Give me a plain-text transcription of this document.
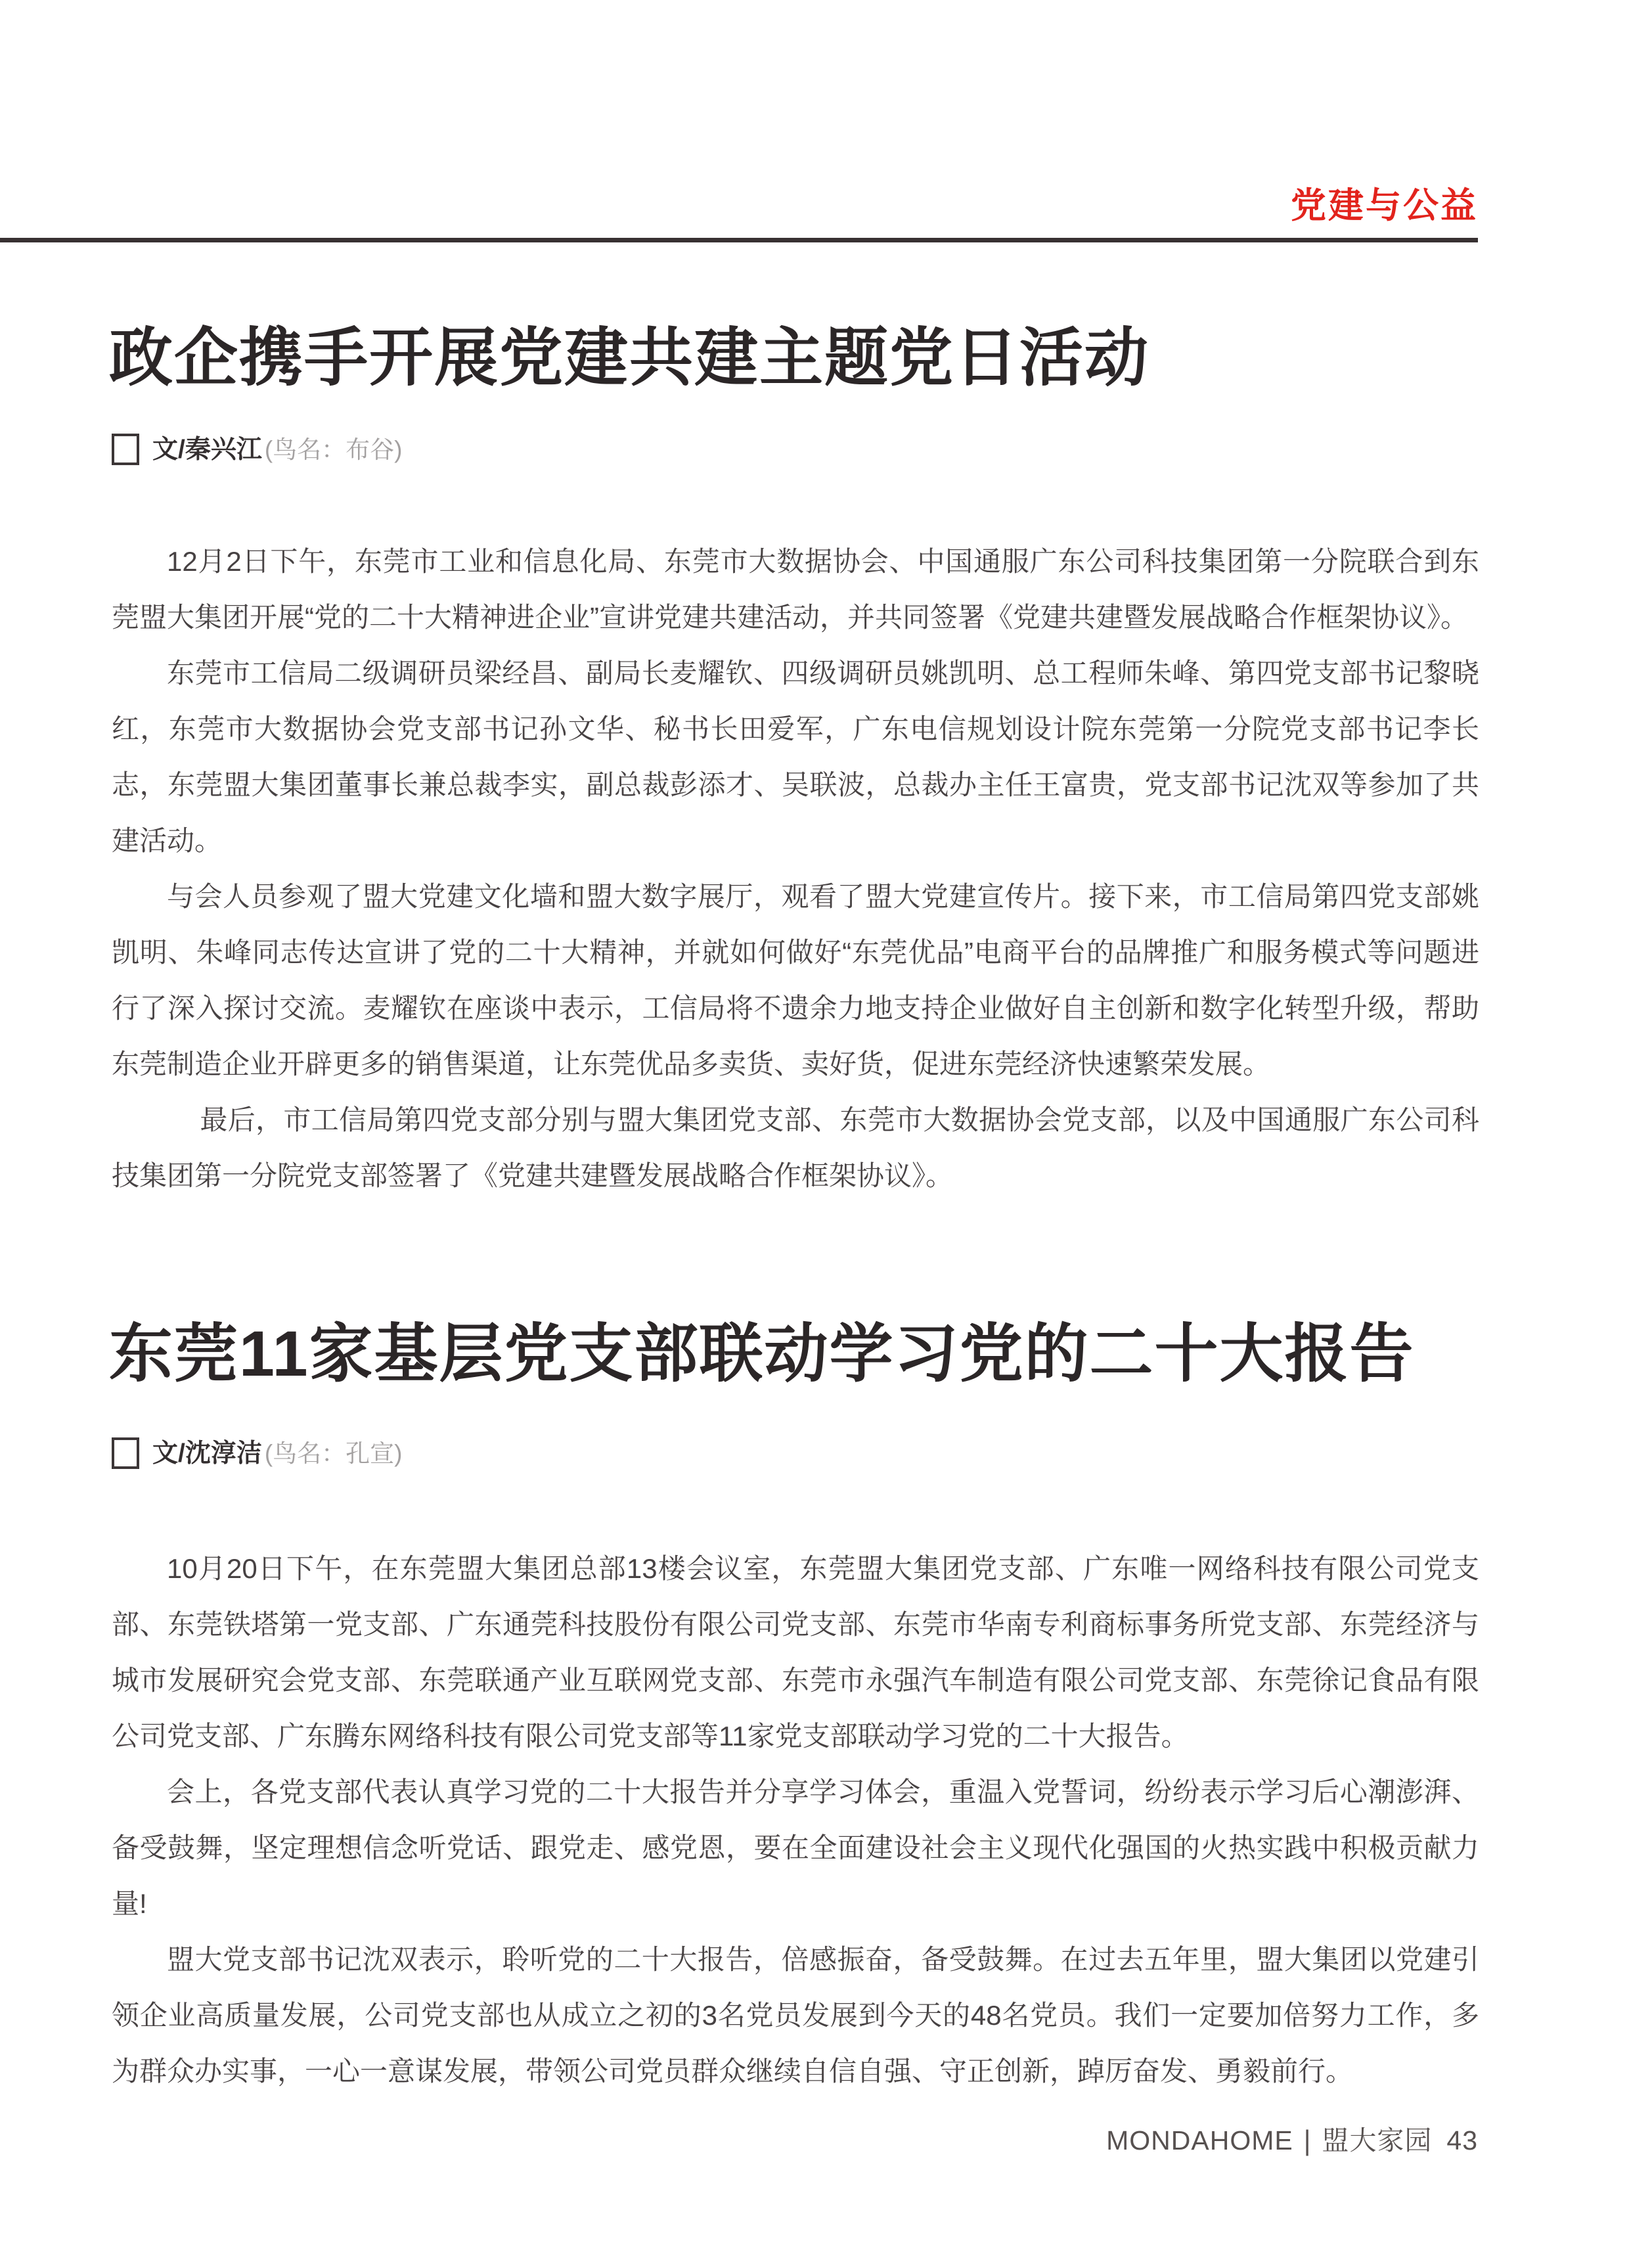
党建与公益
政企携手开展党建共建主题党日活动
文/秦兴江 (鸟名：布谷)

12月2日下午，东莞市工业和信息化局、东莞市大数据协会、中国通服广东公司科技集团第一分院联合到东莞盟大集团开展“党的二十大精神进企业”宣讲党建共建活动，并共同签署《党建共建暨发展战略合作框架协议》。

东莞市工信局二级调研员梁经昌、副局长麦耀钦、四级调研员姚凯明、总工程师朱峰、第四党支部书记黎晓红，东莞市大数据协会党支部书记孙文华、秘书长田爱军，广东电信规划设计院东莞第一分院党支部书记李长志，东莞盟大集团董事长兼总裁李实，副总裁彭添才、吴联波，总裁办主任王富贵，党支部书记沈双等参加了共建活动。

与会人员参观了盟大党建文化墙和盟大数字展厅，观看了盟大党建宣传片。接下来，市工信局第四党支部姚凯明、朱峰同志传达宣讲了党的二十大精神，并就如何做好“东莞优品”电商平台的品牌推广和服务模式等问题进行了深入探讨交流。麦耀钦在座谈中表示，工信局将不遗余力地支持企业做好自主创新和数字化转型升级，帮助东莞制造企业开辟更多的销售渠道，让东莞优品多卖货、卖好货，促进东莞经济快速繁荣发展。

最后，市工信局第四党支部分别与盟大集团党支部、东莞市大数据协会党支部，以及中国通服广东公司科技集团第一分院党支部签署了《党建共建暨发展战略合作框架协议》。

东莞11家基层党支部联动学习党的二十大报告
文/沈淳洁 (鸟名：孔宣)

10月20日下午，在东莞盟大集团总部13楼会议室，东莞盟大集团党支部、广东唯一网络科技有限公司党支部、东莞铁塔第一党支部、广东通莞科技股份有限公司党支部、东莞市华南专利商标事务所党支部、东莞经济与城市发展研究会党支部、东莞联通产业互联网党支部、东莞市永强汽车制造有限公司党支部、东莞徐记食品有限公司党支部、广东腾东网络科技有限公司党支部等11家党支部联动学习党的二十大报告。

会上，各党支部代表认真学习党的二十大报告并分享学习体会，重温入党誓词，纷纷表示学习后心潮澎湃、备受鼓舞，坚定理想信念听党话、跟党走、感党恩，要在全面建设社会主义现代化强国的火热实践中积极贡献力量!

盟大党支部书记沈双表示，聆听党的二十大报告，倍感振奋，备受鼓舞。在过去五年里，盟大集团以党建引领企业高质量发展，公司党支部也从成立之初的3名党员发展到今天的48名党员。我们一定要加倍努力工作，多为群众办实事，一心一意谋发展，带领公司党员群众继续自信自强、守正创新，踔厉奋发、勇毅前行。

MONDAHOME | 盟大家园 43
